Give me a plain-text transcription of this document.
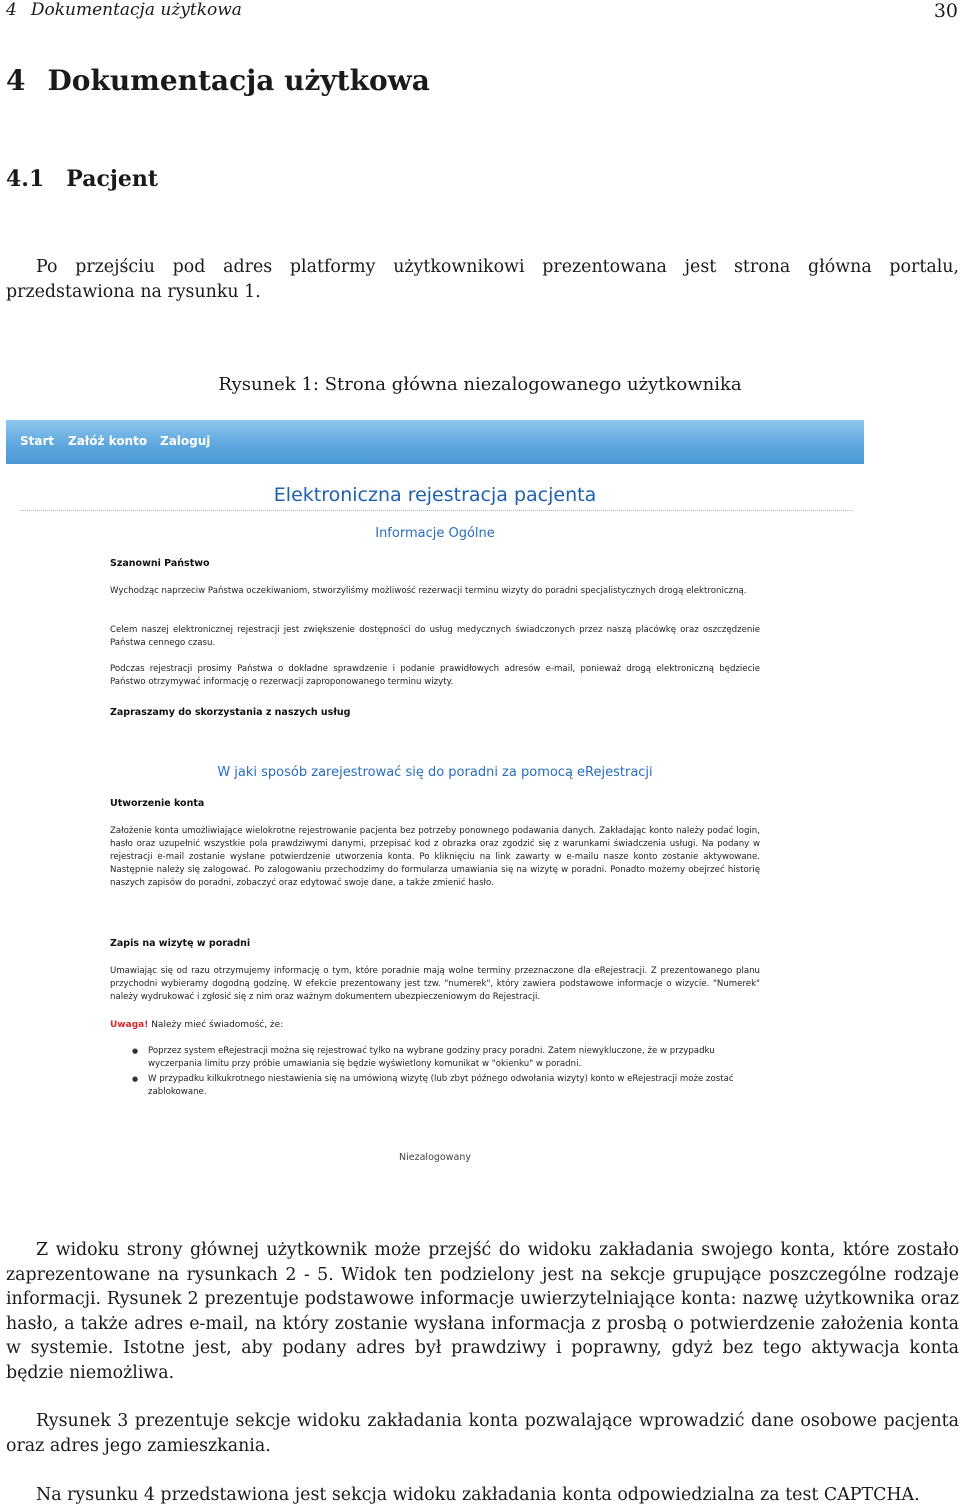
4 Dokumentacja użytkowa	30
4 Dokumentacja użytkowa
4.1 Pacjent

Po przejściu pod adres platformy użytkownikowi prezentowana jest strona główna portalu, przedstawiona na rysunku 1.

Rysunek 1: Strona główna niezalogowanego użytkownika
Start Załóż konto Zaloguj
Elektroniczna rejestracja pacjenta
Informacje Ogólne
Szanowni Państwo

Wychodząc naprzeciw Państwa oczekiwaniom, stworzyliśmy możliwość rezerwacji terminu wizyty do poradni specjalistycznych drogą elektroniczną.

Celem naszej elektronicznej rejestracji jest zwiększenie dostępności do usług medycznych świadczonych przez naszą placówkę oraz oszczędzenie Państwa cennego czasu.

Podczas rejestracji prosimy Państwa o dokładne sprawdzenie i podanie prawidłowych adresów e-mail, ponieważ drogą elektroniczną będziecie Państwo otrzymywać informację o rezerwacji zaproponowanego terminu wizyty.

Zapraszamy do skorzystania z naszych usług
W jaki sposób zarejestrować się do poradni za pomocą eRejestracji
Utworzenie konta

Założenie konta umożliwiające wielokrotne rejestrowanie pacjenta bez potrzeby ponownego podawania danych. Zakładając konto należy podać login, hasło oraz uzupełnić wszystkie pola prawdziwymi danymi, przepisać kod z obrazka oraz zgodzić się z warunkami świadczenia usługi. Na podany w rejestracji e-mail zostanie wysłane potwierdzenie utworzenia konta. Po kliknięciu na link zawarty w e-mailu nasze konto zostanie aktywowane. Następnie należy się zalogować. Po zalogowaniu przechodzimy do formularza umawiania się na wizytę w poradni. Ponadto możemy obejrzeć historię naszych zapisów do poradni, zobaczyć oraz edytować swoje dane, a także zmienić hasło.

Zapis na wizytę w poradni

Umawiając się od razu otrzymujemy informację o tym, które poradnie mają wolne terminy przeznaczone dla eRejestracji. Z prezentowanego planu przychodni wybieramy dogodną godzinę. W efekcie prezentowany jest tzw. "numerek", który zawiera podstawowe informacje o wizycie. "Numerek" należy wydrukować i zgłosić się z nim oraz ważnym dokumentem ubezpieczeniowym do Rejestracji.

Uwaga! Należy mieć świadomość, że:
● Poprzez system eRejestracji można się rejestrować tylko na wybrane godziny pracy poradni. Zatem niewykluczone, że w przypadku wyczerpania limitu przy próbie umawiania się będzie wyświetlony komunikat w "okienku" w poradni.
● W przypadku kilkukrotnego niestawienia się na umówioną wizytę (lub zbyt późnego odwołania wizyty) konto w eRejestracji może zostać zablokowane.
Niezalogowany

Z widoku strony głównej użytkownik może przejść do widoku zakładania swojego konta, które zostało zaprezentowane na rysunkach 2 - 5. Widok ten podzielony jest na sekcje grupujące poszczególne rodzaje informacji. Rysunek 2 prezentuje podstawowe informacje uwierzytelniające konta: nazwę użytkownika oraz hasło, a także adres e-mail, na który zostanie wysłana informacja z prosbą o potwierdzenie założenia konta w systemie. Istotne jest, aby podany adres był prawdziwy i poprawny, gdyż bez tego aktywacja konta będzie niemożliwa.

Rysunek 3 prezentuje sekcje widoku zakładania konta pozwalające wprowadzić dane osobowe pacjenta oraz adres jego zamieszkania.

Na rysunku 4 przedstawiona jest sekcja widoku zakładania konta odpowiedzialna za test CAPTCHA.
